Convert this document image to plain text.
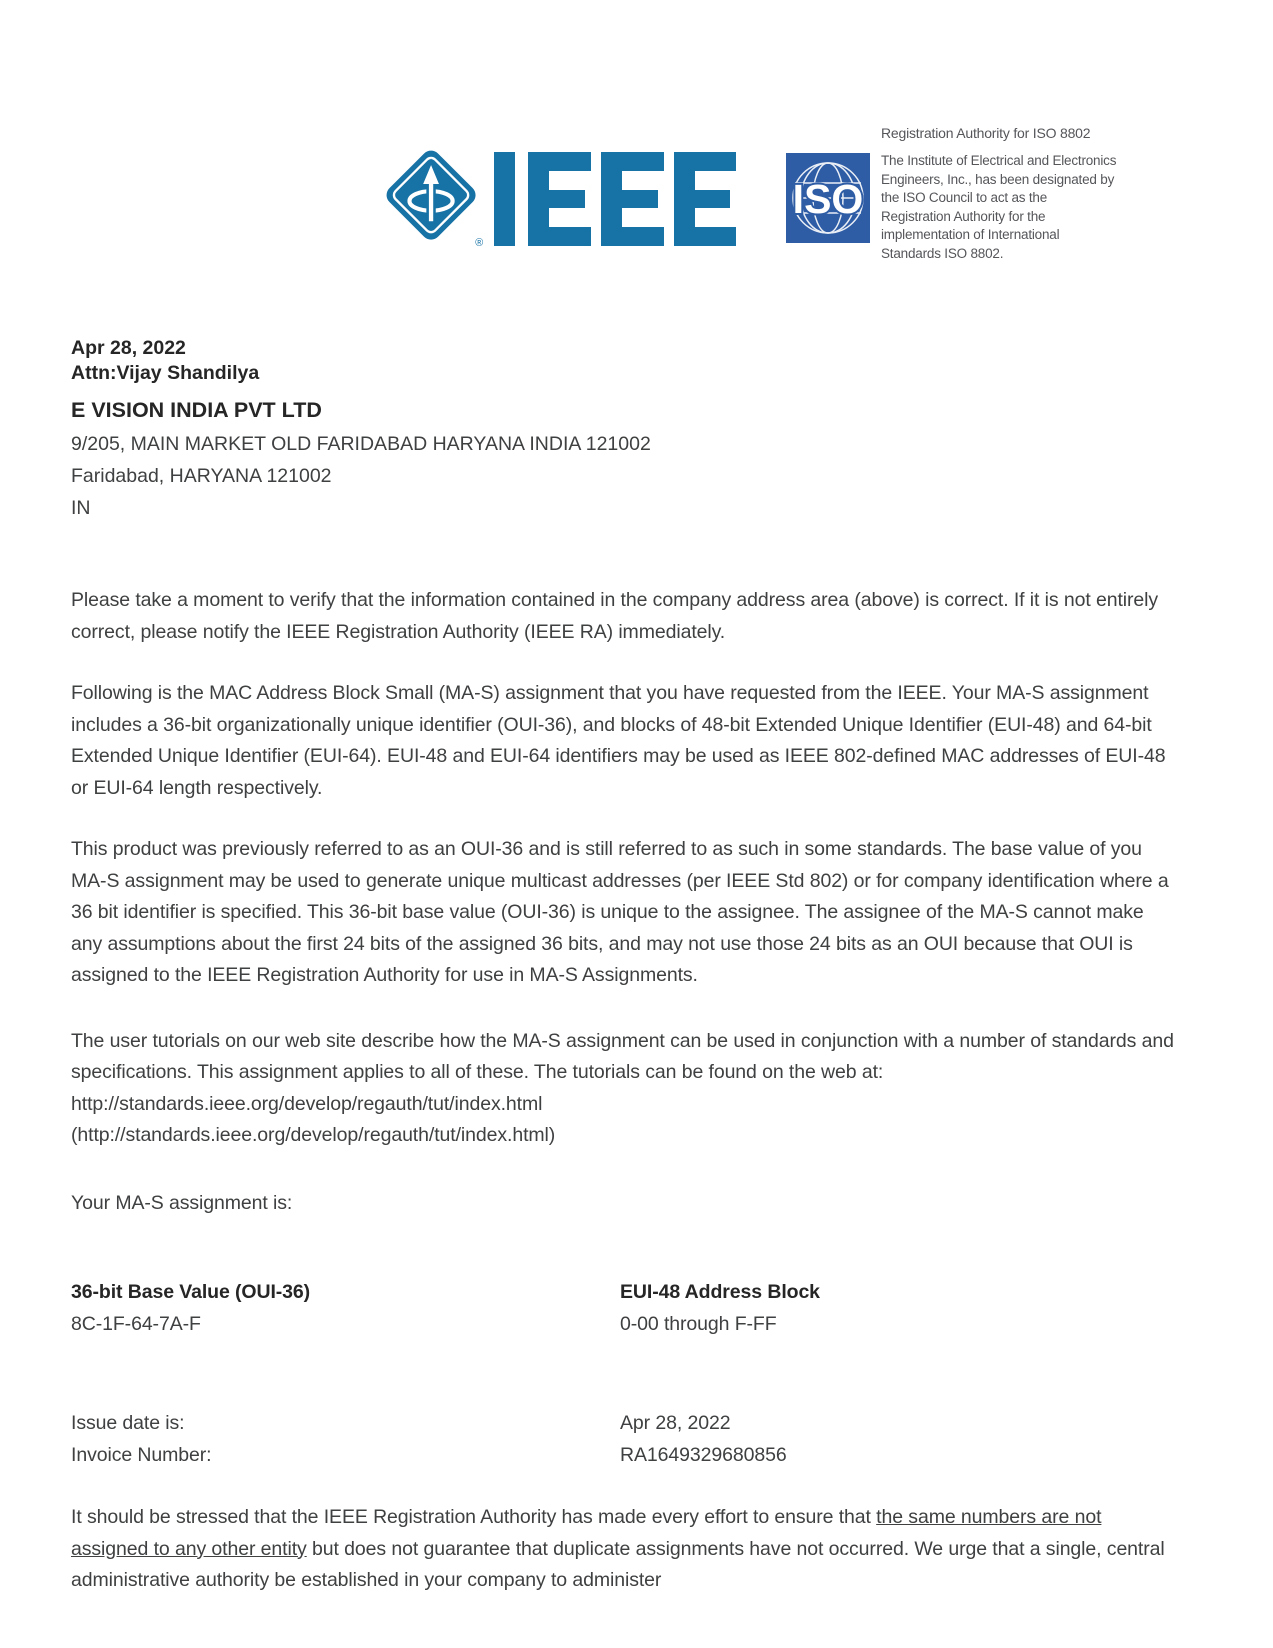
®
ISO

Registration Authority for ISO 8802

The Institute of Electrical and Electronics Engineers, Inc., has been designated by the ISO Council to act as the Registration Authority for the implementation of International Standards ISO 8802.

Apr 28, 2022
Attn:Vijay Shandilya
E VISION INDIA PVT LTD
9/205, MAIN MARKET OLD FARIDABAD HARYANA INDIA 121002
Faridabad, HARYANA 121002
IN

Please take a moment to verify that the information contained in the company address area (above) is correct. If it is not entirely correct, please notify the IEEE Registration Authority (IEEE RA) immediately.

Following is the MAC Address Block Small (MA-S) assignment that you have requested from the IEEE. Your MA-S assignment includes a 36-bit organizationally unique identifier (OUI-36), and blocks of 48-bit Extended Unique Identifier (EUI-48) and 64-bit Extended Unique Identifier (EUI-64). EUI-48 and EUI-64 identifiers may be used as IEEE 802-defined MAC addresses of EUI-48 or EUI-64 length respectively.

This product was previously referred to as an OUI-36 and is still referred to as such in some standards. The base value of you MA-S assignment may be used to generate unique multicast addresses (per IEEE Std 802) or for company identification where a 36 bit identifier is specified. This 36-bit base value (OUI-36) is unique to the assignee. The assignee of the MA-S cannot make any assumptions about the first 24 bits of the assigned 36 bits, and may not use those 24 bits as an OUI because that OUI is assigned to the IEEE Registration Authority for use in MA-S Assignments.

The user tutorials on our web site describe how the MA-S assignment can be used in conjunction with a number of standards and specifications. This assignment applies to all of these. The tutorials can be found on the web at: http://standards.ieee.org/develop/regauth/tut/index.html
(http://standards.ieee.org/develop/regauth/tut/index.html)

Your MA-S assignment is:

36-bit Base Value (OUI-36)	EUI-48 Address Block
8C-1F-64-7A-F	0-00 through F-FF
Issue date is:	Apr 28, 2022
Invoice Number:	RA1649329680856

It should be stressed that the IEEE Registration Authority has made every effort to ensure that the same numbers are not assigned to any other entity but does not guarantee that duplicate assignments have not occurred. We urge that a single, central administrative authority be established in your company to administer
